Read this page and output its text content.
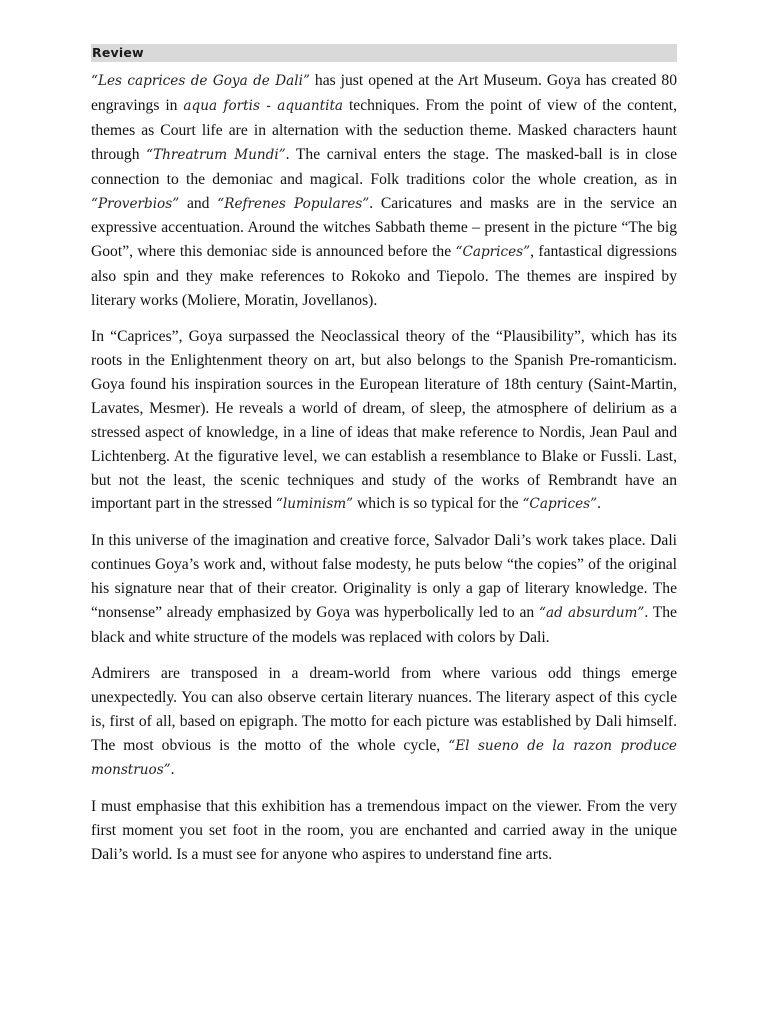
Review

“Les caprices de Goya de Dali” has just opened at the Art Museum. Goya has created 80 engravings in aqua fortis - aquantita techniques. From the point of view of the content, themes as Court life are in alternation with the seduction theme. Masked characters haunt through “Threatrum Mundi”. The carnival enters the stage. The masked-ball is in close connection to the demoniac and magical. Folk traditions color the whole creation, as in “Proverbios” and “Refrenes Populares”. Caricatures and masks are in the service an expressive accentuation. Around the witches Sabbath theme – present in the picture “The big Goot”, where this demoniac side is announced before the “Caprices”, fantastical digressions also spin and they make references to Rokoko and Tiepolo. The themes are inspired by literary works (Moliere, Moratin, Jovellanos).

In “Caprices”, Goya surpassed the Neoclassical theory of the “Plausibility”, which has its roots in the Enlightenment theory on art, but also belongs to the Spanish Pre-romanticism. Goya found his inspiration sources in the European literature of 18th century (Saint-Martin, Lavates, Mesmer). He reveals a world of dream, of sleep, the atmosphere of delirium as a stressed aspect of knowledge, in a line of ideas that make reference to Nordis, Jean Paul and Lichtenberg. At the figurative level, we can establish a resemblance to Blake or Fussli. Last, but not the least, the scenic techniques and study of the works of Rembrandt have an important part in the stressed “luminism” which is so typical for the “Caprices”.

In this universe of the imagination and creative force, Salvador Dali’s work takes place. Dali continues Goya’s work and, without false modesty, he puts below “the copies” of the original his signature near that of their creator. Originality is only a gap of literary knowledge. The “nonsense” already emphasized by Goya was hyperbolically led to an “ad absurdum”. The black and white structure of the models was replaced with colors by Dali.

Admirers are transposed in a dream-world from where various odd things emerge unexpectedly. You can also observe certain literary nuances. The literary aspect of this cycle is, first of all, based on epigraph. The motto for each picture was established by Dali himself. The most obvious is the motto of the whole cycle, “El sueno de la razon produce monstruos”.

I must emphasise that this exhibition has a tremendous impact on the viewer. From the very first moment you set foot in the room, you are enchanted and carried away in the unique Dali’s world. Is a must see for anyone who aspires to understand fine arts.
